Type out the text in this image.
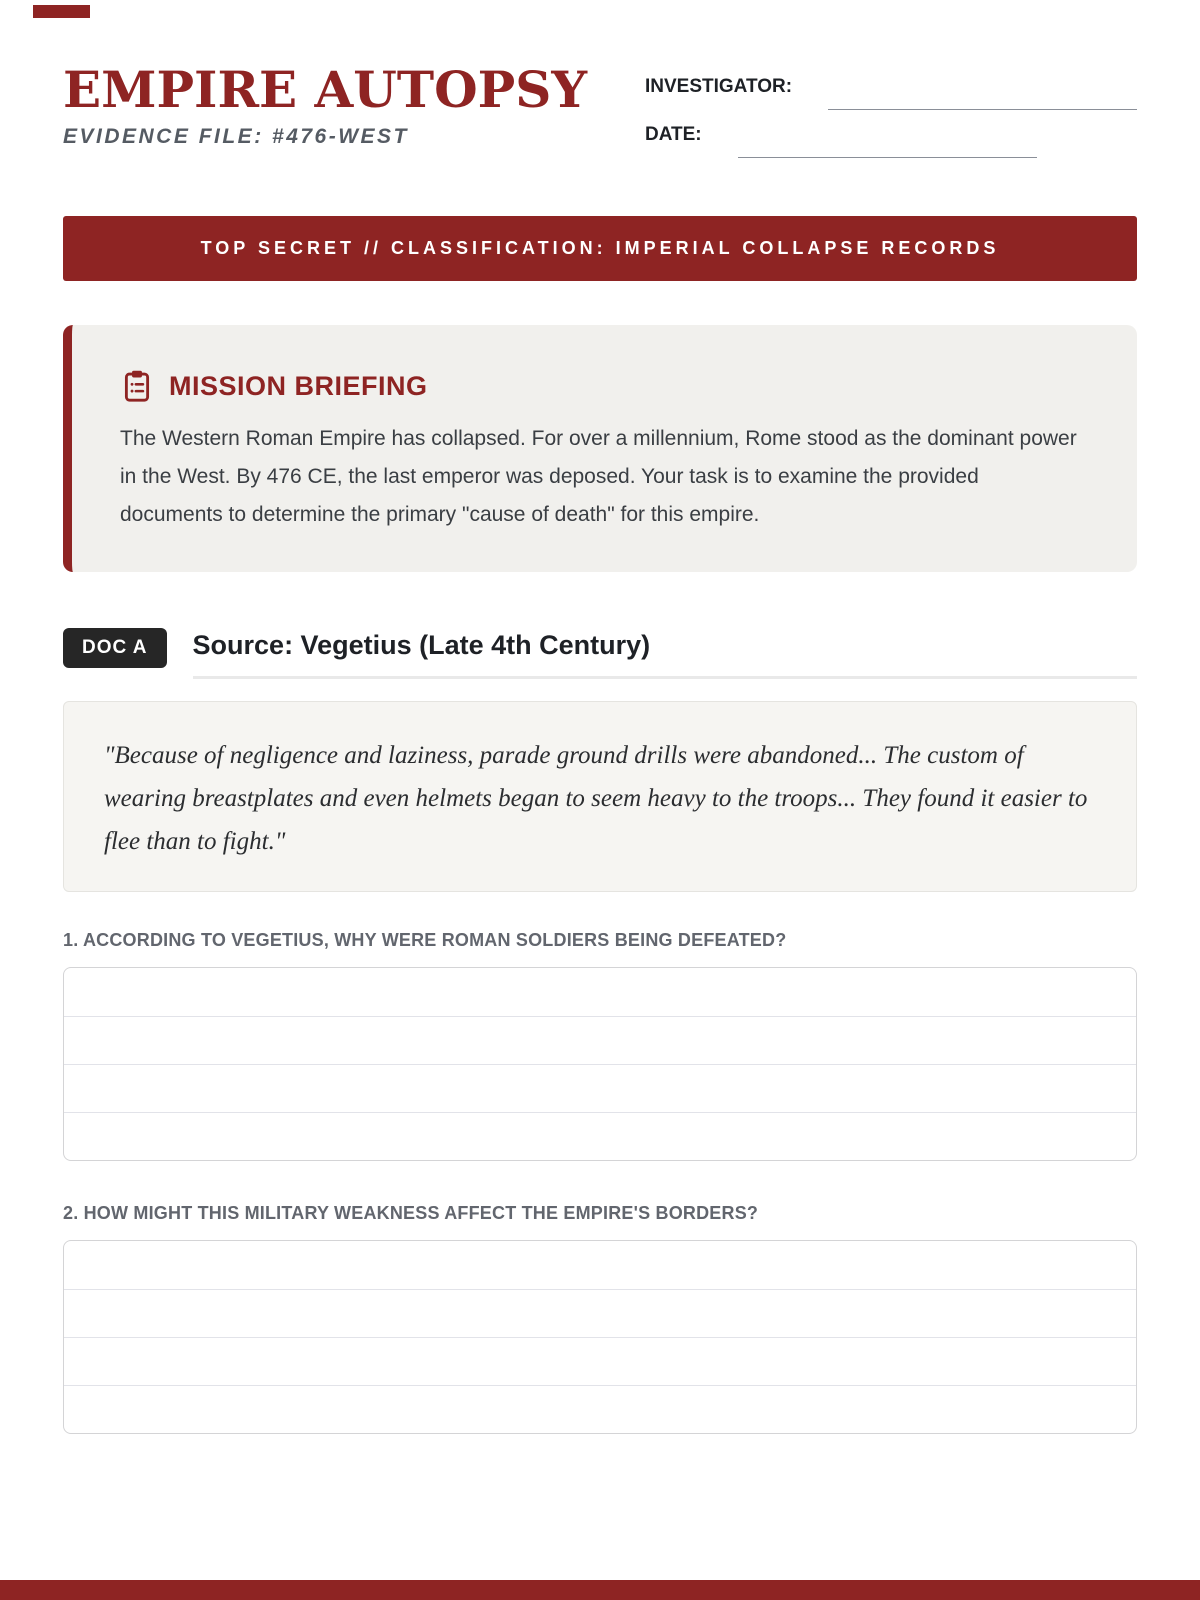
EMPIRE AUTOPSY
EVIDENCE FILE: #476-WEST
INVESTIGATOR:
DATE:
TOP SECRET // CLASSIFICATION: IMPERIAL COLLAPSE RECORDS
MISSION BRIEFING
The Western Roman Empire has collapsed. For over a millennium, Rome stood as the dominant power in the West. By 476 CE, the last emperor was deposed. Your task is to examine the provided documents to determine the primary "cause of death" for this empire.
DOC A	Source: Vegetius (Late 4th Century)
"Because of negligence and laziness, parade ground drills were abandoned... The custom of wearing breastplates and even helmets began to seem heavy to the troops... They found it easier to flee than to fight."
1. ACCORDING TO VEGETIUS, WHY WERE ROMAN SOLDIERS BEING DEFEATED?
2. HOW MIGHT THIS MILITARY WEAKNESS AFFECT THE EMPIRE'S BORDERS?
